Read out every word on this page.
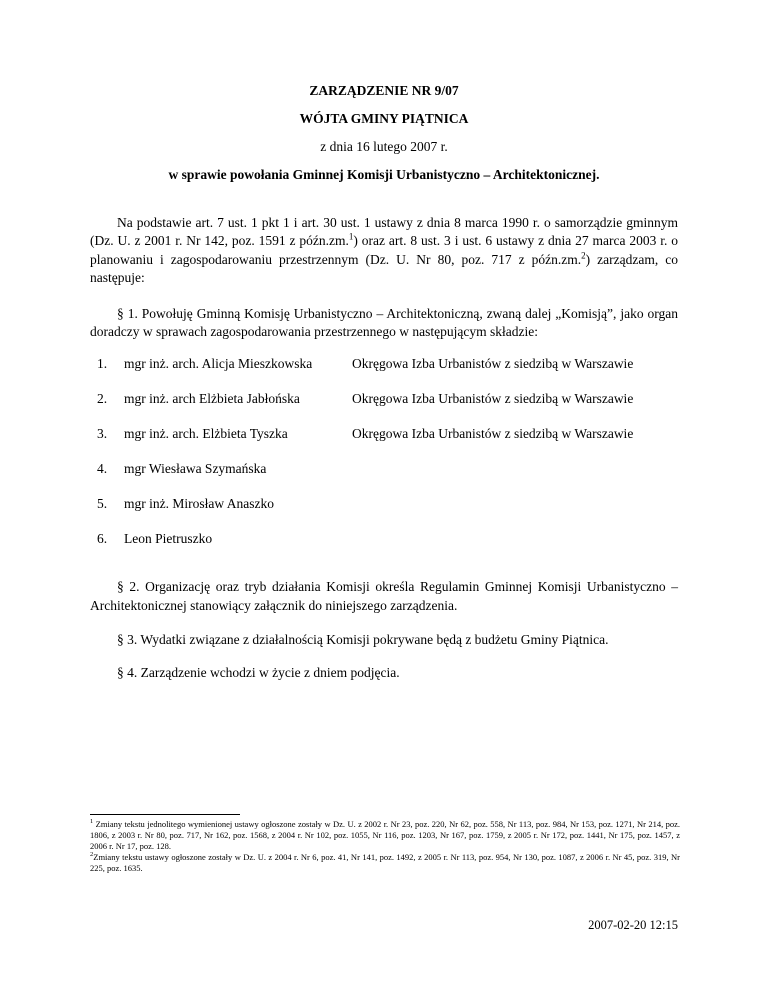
ZARZĄDZENIE NR 9/07
WÓJTA GMINY PIĄTNICA
z dnia 16 lutego 2007 r.
w sprawie powołania Gminnej Komisji Urbanistyczno – Architektonicznej.

Na podstawie art. 7 ust. 1 pkt 1 i art. 30 ust. 1 ustawy z dnia 8 marca 1990 r. o samorządzie gminnym (Dz. U. z 2001 r. Nr 142, poz. 1591 z późn.zm.$^1$) oraz art. 8 ust. 3 i ust. 6 ustawy z dnia 27 marca 2003 r. o planowaniu i zagospodarowaniu przestrzennym (Dz. U. Nr 80, poz. 717 z późn.zm.$^2$) zarządzam, co następuje:

§ 1. Powołuję Gminną Komisję Urbanistyczno – Architektoniczną, zwaną dalej „Komisją”, jako organ doradczy w sprawach zagospodarowania przestrzennego w następującym składzie:

1.	mgr inż. arch. Alicja Mieszkowska	Okręgowa Izba Urbanistów z siedzibą w Warszawie
2.	mgr inż. arch Elżbieta Jabłońska	Okręgowa Izba Urbanistów z siedzibą w Warszawie
3.	mgr inż. arch. Elżbieta Tyszka	Okręgowa Izba Urbanistów z siedzibą w Warszawie
4.	mgr Wiesława Szymańska
5.	mgr inż. Mirosław Anaszko
6.	Leon Pietruszko

§ 2. Organizację oraz tryb działania Komisji określa Regulamin Gminnej Komisji Urbanistyczno – Architektonicznej stanowiący załącznik do niniejszego zarządzenia.

§ 3. Wydatki związane z działalnością Komisji pokrywane będą z budżetu Gminy Piątnica.

§ 4. Zarządzenie wchodzi w życie z dniem podjęcia.

$^1$ Zmiany tekstu jednolitego wymienionej ustawy ogłoszone zostały w Dz. U. z 2002 r. Nr 23, poz. 220, Nr 62, poz. 558, Nr 113, poz. 984, Nr 153, poz. 1271, Nr 214, poz. 1806, z 2003 r. Nr 80, poz. 717, Nr 162, poz. 1568, z 2004 r. Nr 102, poz. 1055, Nr 116, poz. 1203, Nr 167, poz. 1759, z 2005 r. Nr 172, poz. 1441, Nr 175, poz. 1457, z 2006 r. Nr 17, poz. 128.
$^2$Zmiany tekstu ustawy ogłoszone zostały w Dz. U. z 2004 r. Nr 6, poz. 41, Nr 141, poz. 1492, z 2005 r. Nr 113, poz. 954, Nr 130, poz. 1087, z 2006 r. Nr 45, poz. 319, Nr 225, poz. 1635.
2007-02-20 12:15
